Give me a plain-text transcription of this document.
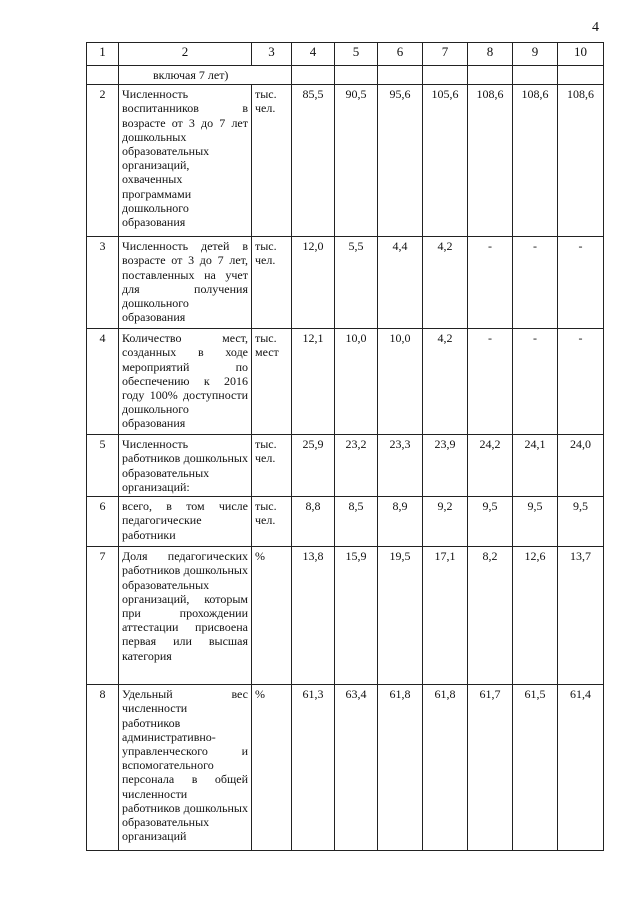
4
1	2	3	4	5	6	7	8	9	10
	включая 7 лет)								
2	Численность воспитанников в возрасте от 3 до 7 лет дошкольных образовательных организаций, охваченных программами дошкольного образования	тыс. чел.	85,5	90,5	95,6	105,6	108,6	108,6	108,6
3	Численность детей в возрасте от 3 до 7 лет, поставленных на учет для получения дошкольного образования	тыс. чел.	12,0	5,5	4,4	4,2	-	-	-
4	Количество мест, созданных в ходе мероприятий по обеспечению к 2016 году 100% доступности дошкольного образования	тыс. мест	12,1	10,0	10,0	4,2	-	-	-
5	Численность работников дошкольных образовательных организаций:	тыс. чел.	25,9	23,2	23,3	23,9	24,2	24,1	24,0
6	всего, в том числе педагогические работники	тыс. чел.	8,8	8,5	8,9	9,2	9,5	9,5	9,5
7	Доля педагогических работников дошкольных образовательных организаций, которым при прохождении аттестации присвоена первая или высшая категория	%	13,8	15,9	19,5	17,1	8,2	12,6	13,7
8	Удельный вес численности работников административно-управленческого и вспомогательного персонала в общей численности работников дошкольных образовательных организаций	%	61,3	63,4	61,8	61,8	61,7	61,5	61,4
